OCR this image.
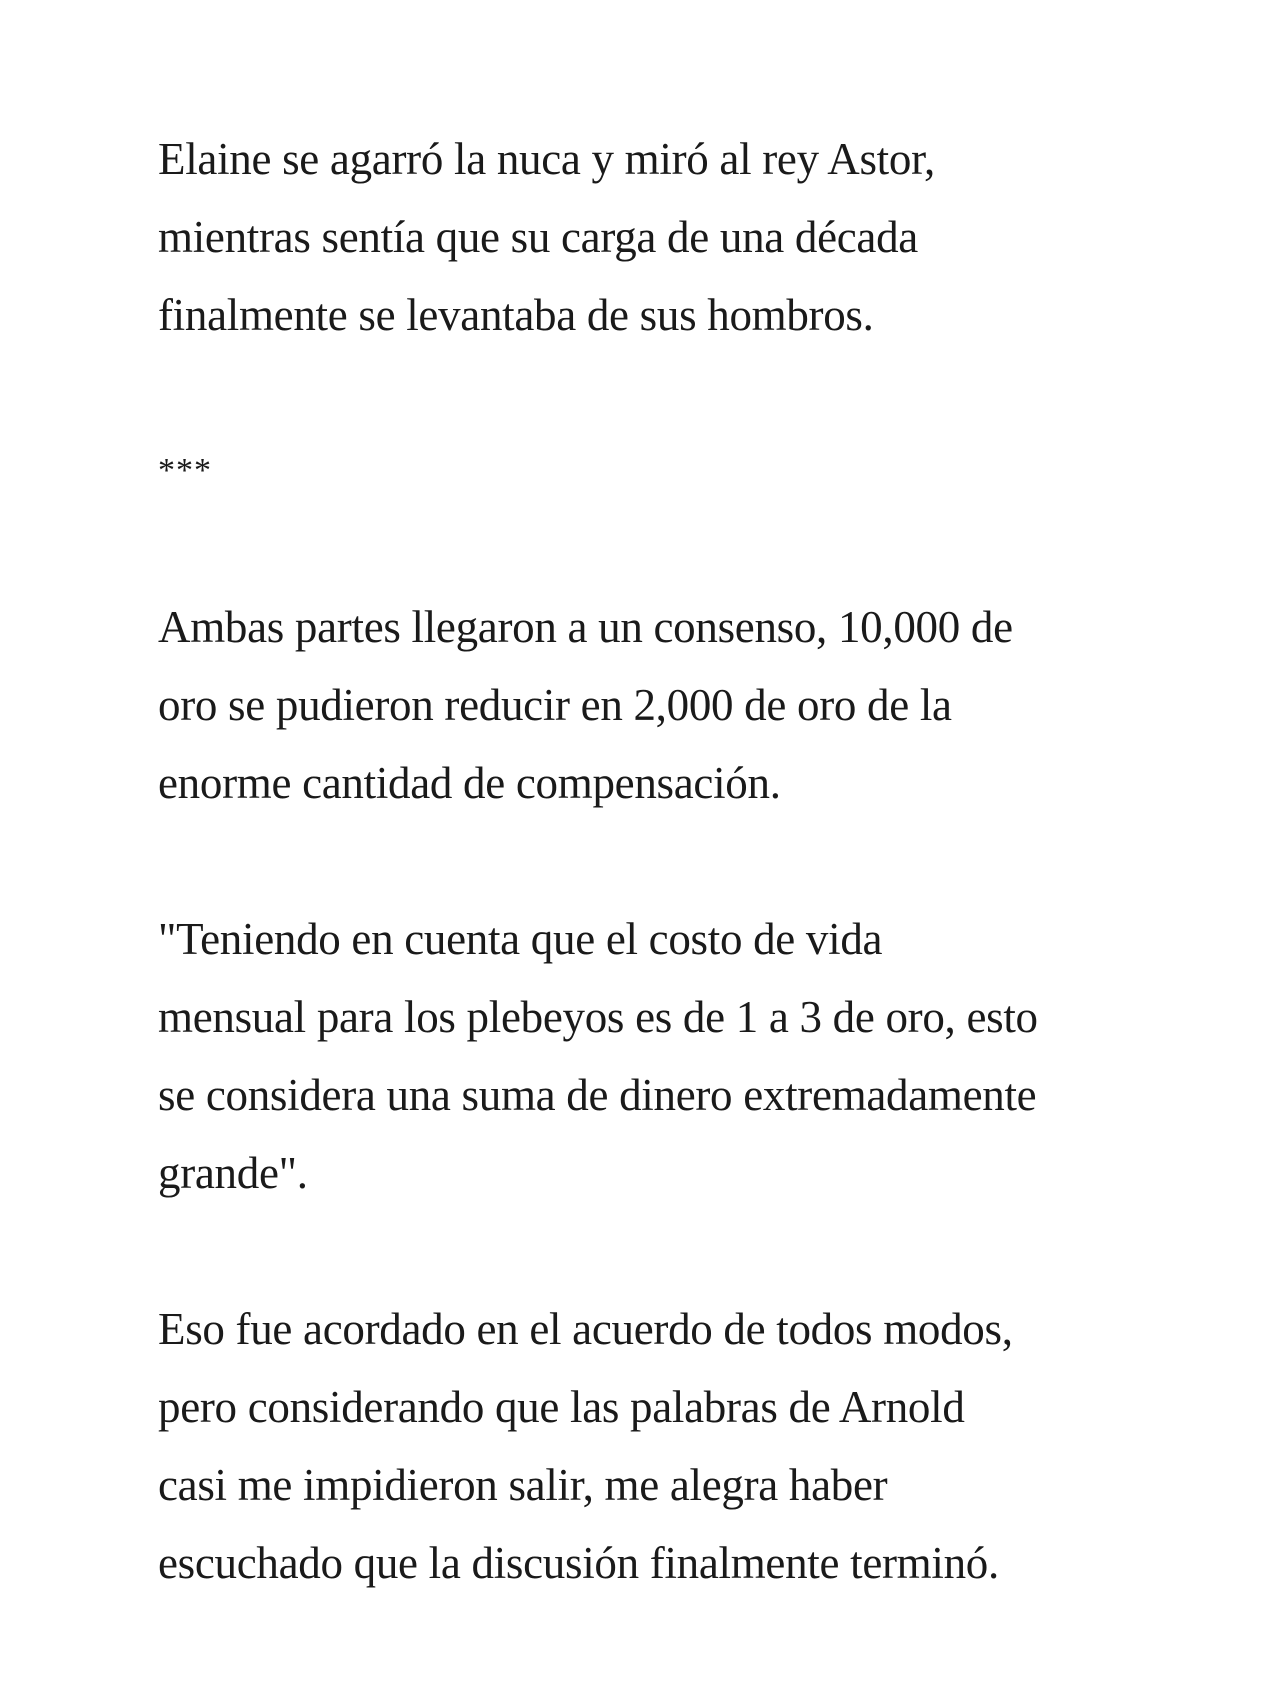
Elaine se agarró la nuca y miró al rey Astor,
mientras sentía que su carga de una década
finalmente se levantaba de sus hombros.

***

Ambas partes llegaron a un consenso, 10,000 de
oro se pudieron reducir en 2,000 de oro de la
enorme cantidad de compensación.

"Teniendo en cuenta que el costo de vida
mensual para los plebeyos es de 1 a 3 de oro, esto
se considera una suma de dinero extremadamente
grande".

Eso fue acordado en el acuerdo de todos modos,
pero considerando que las palabras de Arnold
casi me impidieron salir, me alegra haber
escuchado que la discusión finalmente terminó.
